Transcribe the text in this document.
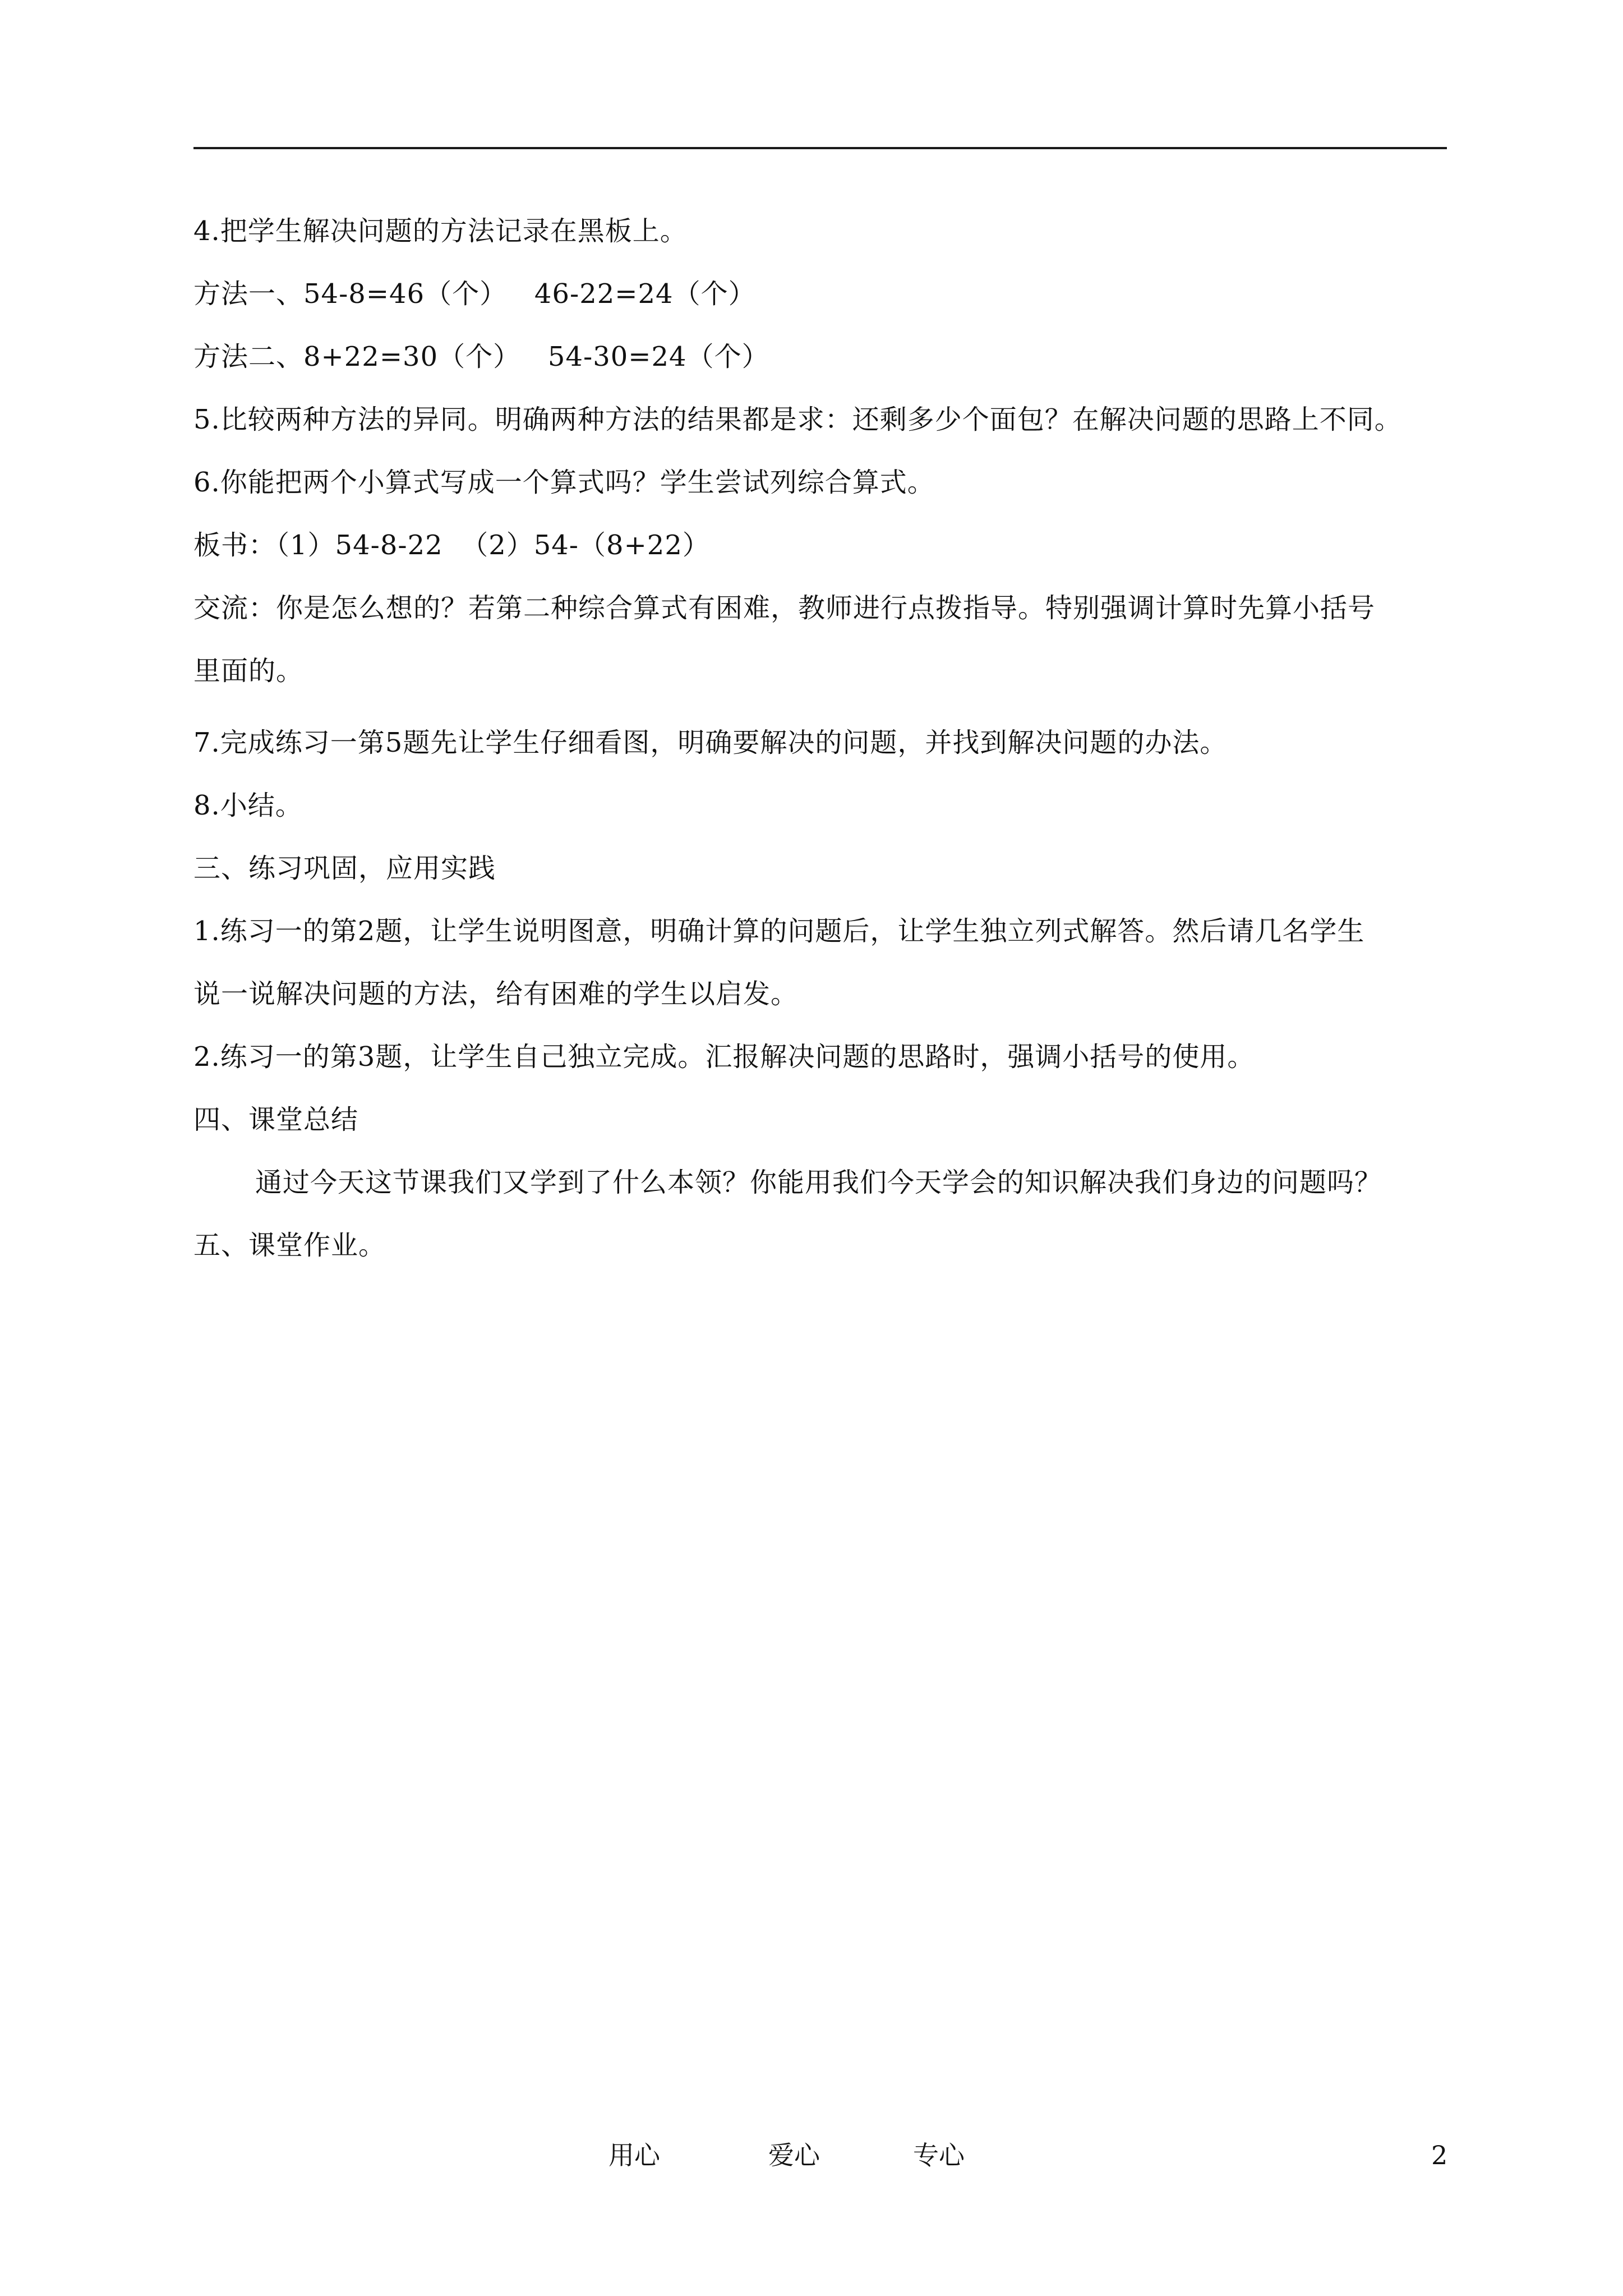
4.把学生解决问题的方法记录在黑板上。
方法一、54-8=46（个）   46-22=24（个）
方法二、8+22=30（个）   54-30=24（个）
5.比较两种方法的异同。明确两种方法的结果都是求：还剩多少个面包？在解决问题的思路上不同。
6.你能把两个小算式写成一个算式吗？学生尝试列综合算式。
板书：（1）54-8-22  （2）54-（8+22）
交流：你是怎么想的？若第二种综合算式有困难，教师进行点拨指导。特别强调计算时先算小括号
里面的。
7.完成练习一第5题先让学生仔细看图，明确要解决的问题，并找到解决问题的办法。
8.小结。
三、练习巩固，应用实践
1.练习一的第2题，让学生说明图意，明确计算的问题后，让学生独立列式解答。然后请几名学生
说一说解决问题的方法，给有困难的学生以启发。
2.练习一的第3题，让学生自己独立完成。汇报解决问题的思路时，强调小括号的使用。
四、课堂总结
通过今天这节课我们又学到了什么本领？你能用我们今天学会的知识解决我们身边的问题吗？
五、课堂作业。
用心	爱心	专心	2
